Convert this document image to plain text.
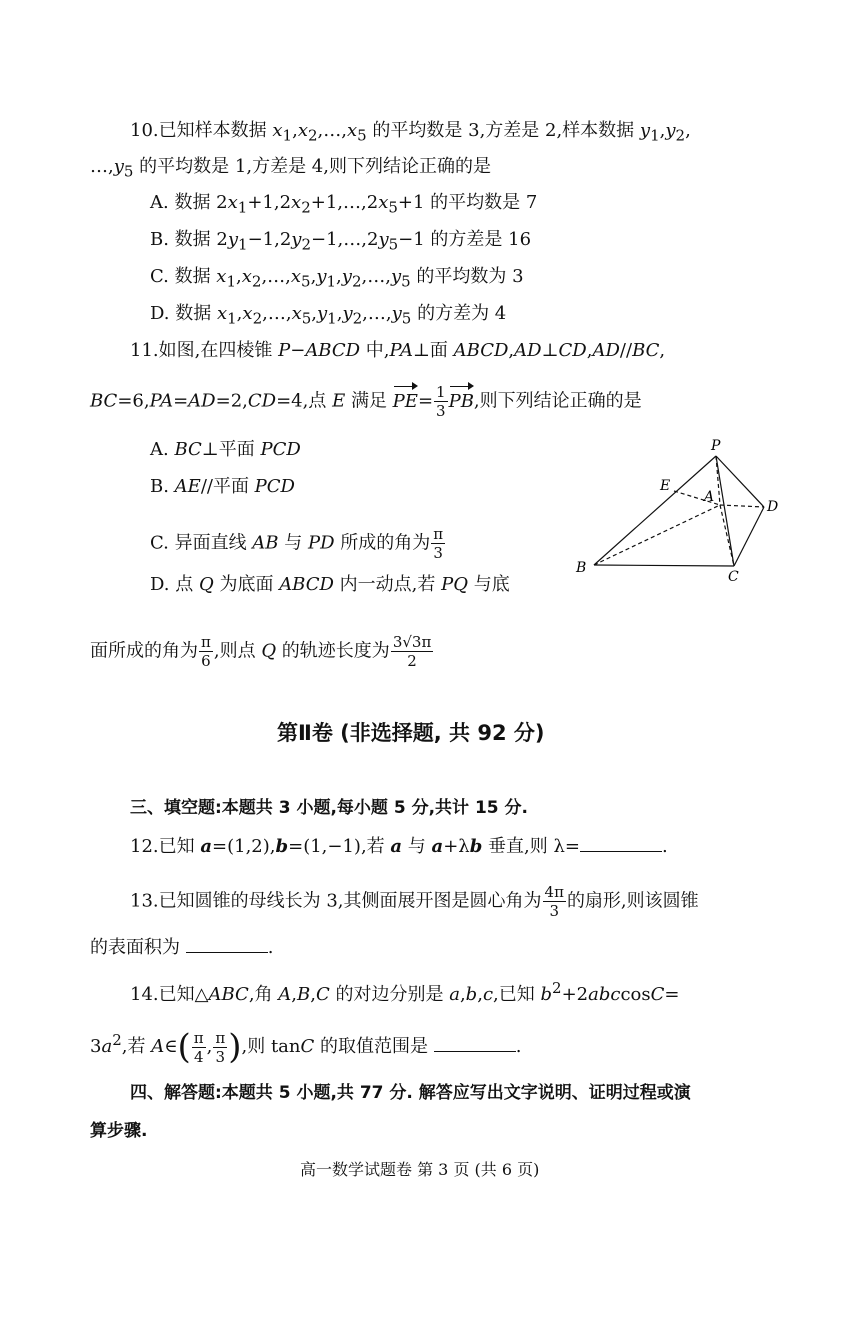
10.已知样本数据 $x_1,x_2,\dots,x_5$ 的平均数是 3,方差是 2,样本数据 $y_1,y_2$,
$\dots,y_5$ 的平均数是 1,方差是 4,则下列结论正确的是
A. 数据 $2x_1+1,2x_2+1,\dots,2x_5+1$ 的平均数是 7
B. 数据 $2y_1-1,2y_2-1,\dots,2y_5-1$ 的方差是 16
C. 数据 $x_1,x_2,\dots,x_5,y_1,y_2,\dots,y_5$ 的平均数为 3
D. 数据 $x_1,x_2,\dots,x_5,y_1,y_2,\dots,y_5$ 的方差为 4
11.如图,在四棱锥 P−ABCD 中,PA⊥面 ABCD,AD⊥CD,AD//BC,
BC=6,PA=AD=2,CD=4,点 E 满足 $PE= \frac{1}{3}$ PB,则下列结论正确的是
A. BC⊥平面 PCD
B. AE//平面 PCD
C. 异面直线 AB 与 PD 所成的角为 $\frac{\pi}{3}$
D. 点 Q 为底面 ABCD 内一动点,若 PQ 与底
面所成的角为 $\frac{\pi}{6}$ ,则点 Q 的轨迹长度为 $\frac{3√3\pi}{2}$
P
E
A
D
B
C
第Ⅱ卷 (非选择题, 共 92 分)
三、填空题:本题共 3 小题,每小题 5 分,共计 15 分.
12.已知 a=(1,2),b=(1,−1),若 a 与 a+λb 垂直,则 λ=	.
13.已知圆锥的母线长为 3,其侧面展开图是圆心角为 $\frac{4\pi}{3}$ 的扇形,则该圆锥
的表面积为	.
14.已知△ABC,角 A,B,C 的对边分别是 a,b,c,已知 $b^2+2abccosC=$
$3a^2$,若 A∈( $\frac{\pi}{4}$ , $\frac{\pi}{3}$ ),则 tanC 的取值范围是	.
四、解答题:本题共 5 小题,共 77 分. 解答应写出文字说明、证明过程或演
算步骤.
高一数学试题卷 第 3 页 (共 6 页)
